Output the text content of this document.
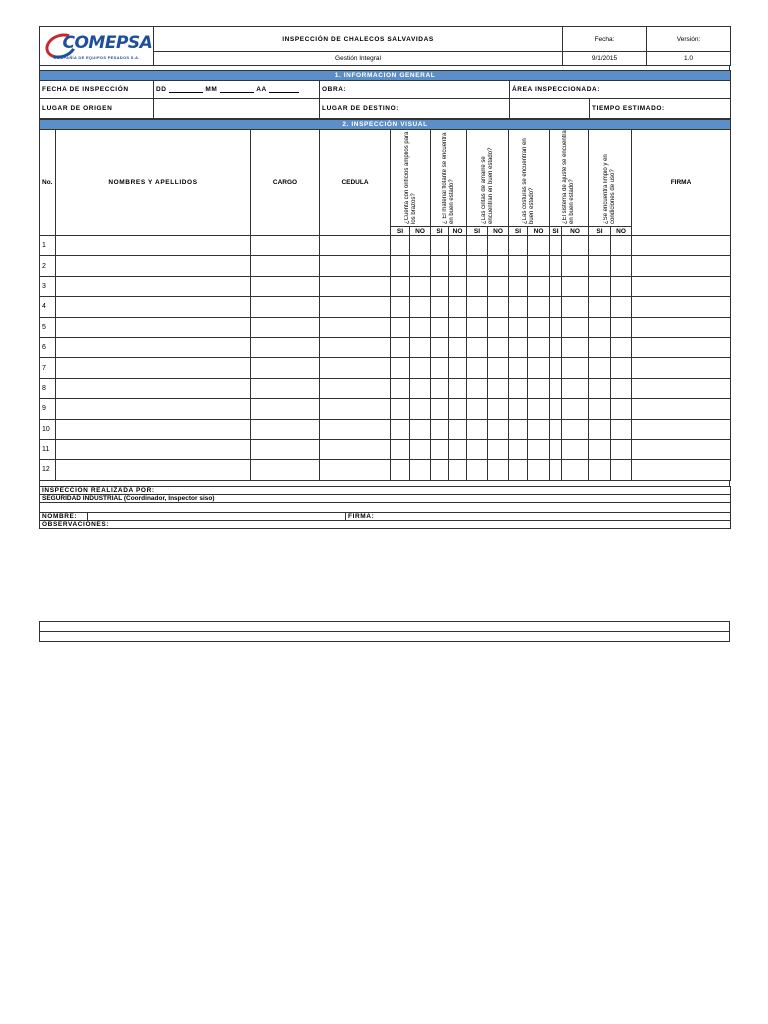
COMEPSA
COMPAÑÍA DE EQUIPOS PESADOS S.A.	INSPECCIÓN DE CHALECOS SALVAVIDAS	Fecha:	Versión:
	Gestión Integral	9/1/2015	1.0
1. INFORMACION GENERAL				
FECHA DE INSPECCIÓN	DD MM AA	OBRA:	ÁREA INSPECCIONADA:	
LUGAR DE ORIGEN		LUGAR DE DESTINO:		TIEMPO ESTIMADO:
2. INSPECCIÓN VISUAL																
No.	NOMBRES Y APELLIDOS	CARGO	CEDULA	¿Cuenta con orificios amplios para los brazos?		¿ El material flotante se encuentra en buen estado?		¿Las cintas de amarre se encuentran en buen estado?		¿Las costuras se encuentran en buen estado?		¿El sistema de ajuste se encuentra en buen estado?		¿Se encuentra limpio y en condiciones de uso?		FIRMA
				SI	NO	SI	NO	SI	NO	SI	NO	SI	NO	SI	NO	
1																
2																
3																
4																
5																
6																
7																
8																
9																
10																
11																
12																
INSPECCIÓN REALIZADA POR:
SEGURIDAD INDUSTRIAL (Coordinador, Inspector siso)

NOMBRE:		FIRMA:
OBSERVACIONES:
